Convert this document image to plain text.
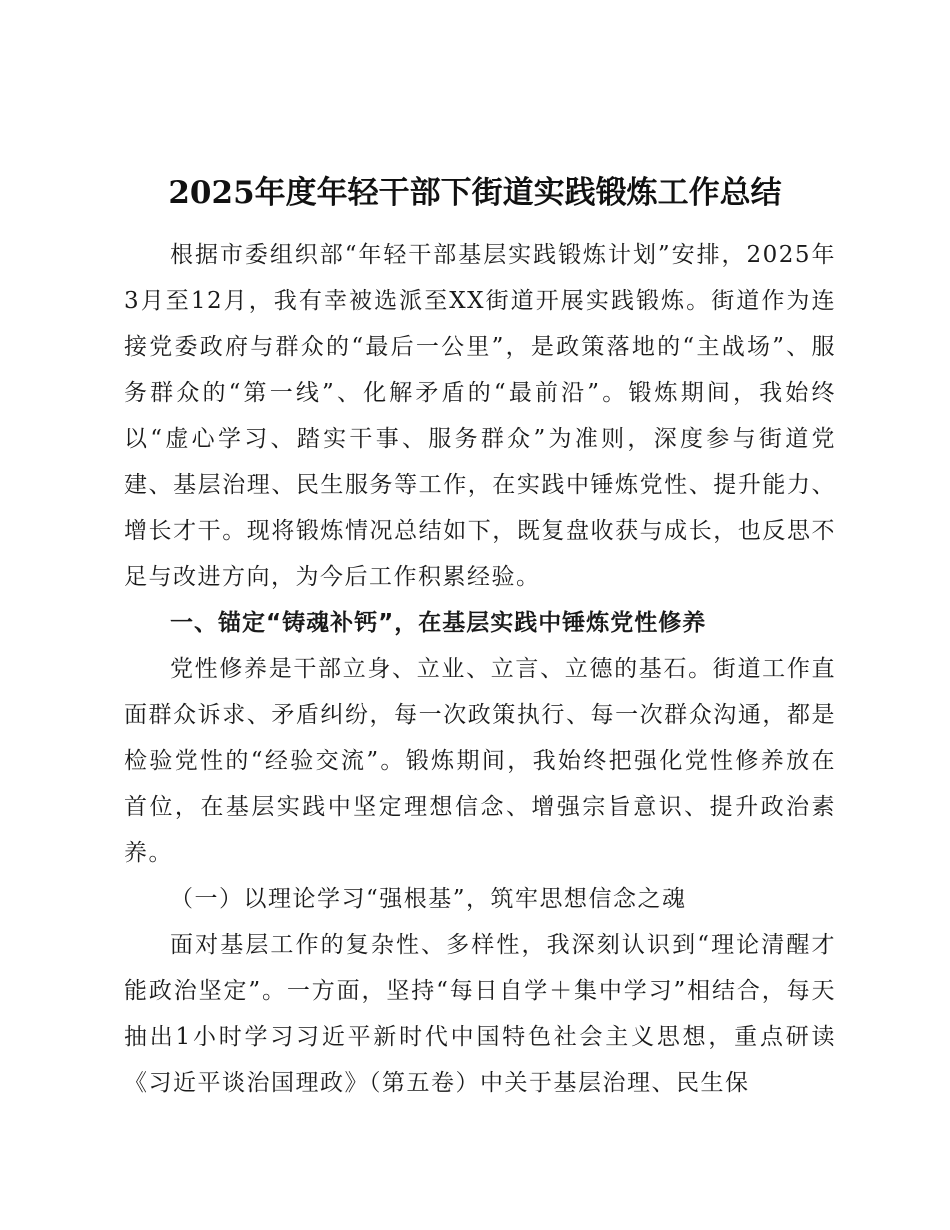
2025年度年轻干部下街道实践锻炼工作总结

根据市委组织部“年轻干部基层实践锻炼计划”安排，2025年3月至12月，我有幸被选派至XX街道开展实践锻炼。街道作为连接党委政府与群众的“最后一公里”，是政策落地的“主战场”、服务群众的“第一线”、化解矛盾的“最前沿”。锻炼期间，我始终以“虚心学习、踏实干事、服务群众”为准则，深度参与街道党建、基层治理、民生服务等工作，在实践中锤炼党性、提升能力、增长才干。现将锻炼情况总结如下，既复盘收获与成长，也反思不足与改进方向，为今后工作积累经验。

一、锚定“铸魂补钙”，在基层实践中锤炼党性修养

党性修养是干部立身、立业、立言、立德的基石。街道工作直面群众诉求、矛盾纠纷，每一次政策执行、每一次群众沟通，都是检验党性的“经验交流”。锻炼期间，我始终把强化党性修养放在首位，在基层实践中坚定理想信念、增强宗旨意识、提升政治素养。

（一）以理论学习“强根基”，筑牢思想信念之魂

面对基层工作的复杂性、多样性，我深刻认识到“理论清醒才能政治坚定”。一方面，坚持“每日自学＋集中学习”相结合，每天抽出1小时学习习近平新时代中国特色社会主义思想，重点研读《习近平谈治国理政》（第五卷）中关于基层治理、民生保
